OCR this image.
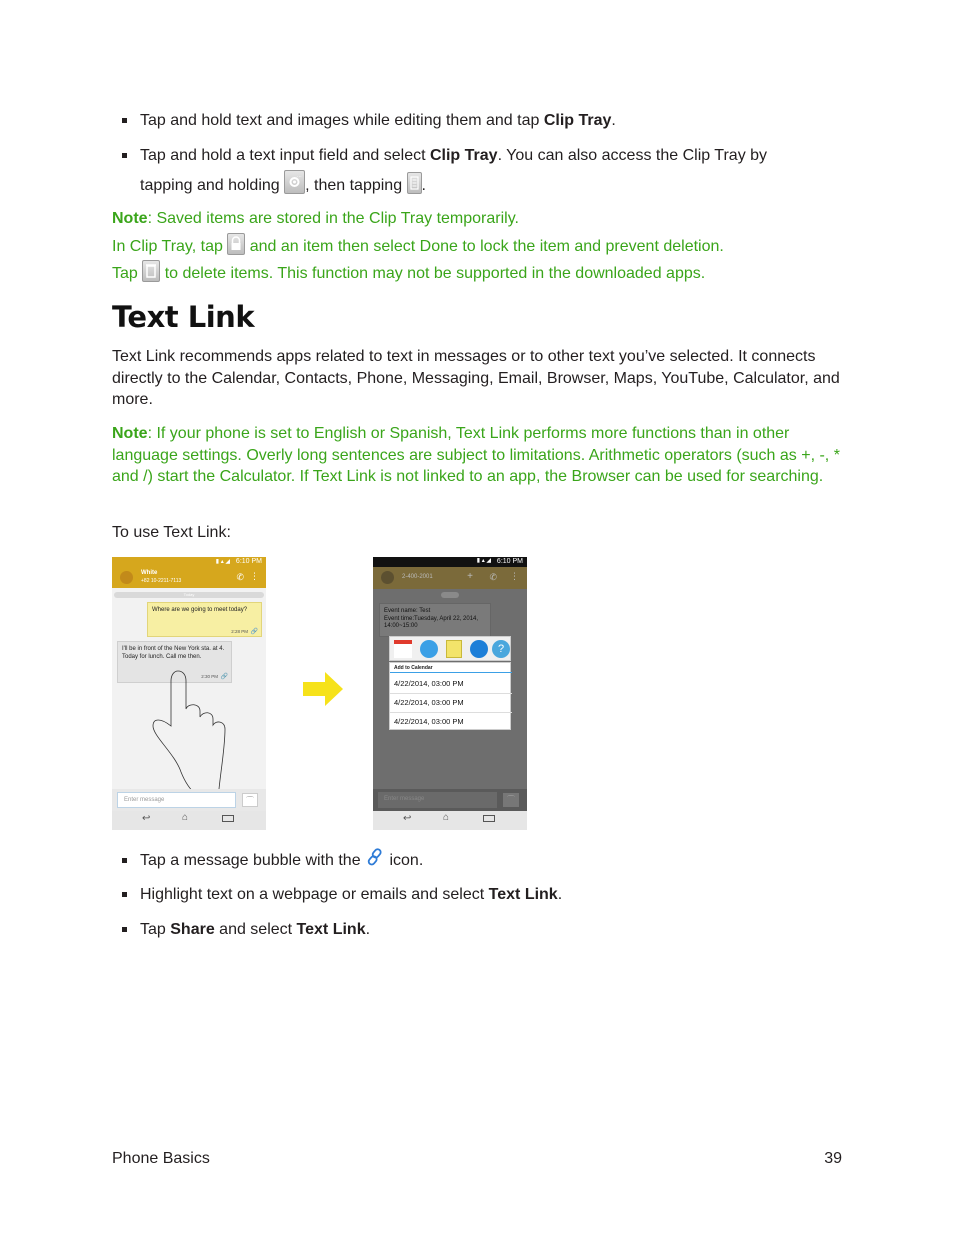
Tap and hold text and images while editing them and tap Clip Tray.
Tap and hold a text input field and select Clip Tray. You can also access the Clip Tray by
tapping and holding
...
, then tapping .
Note: Saved items are stored in the Clip Tray temporarily.
In Clip Tray, tap  and an item then select Done to lock the item and prevent deletion.
Tap  to delete items. This function may not be supported in the downloaded apps.
Text Link
Text Link recommends apps related to text in messages or to other text you’ve selected. It connects directly to the Calendar, Contacts, Phone, Messaging, Email, Browser, Maps, YouTube, Calculator, and more.
Note: If your phone is set to English or Spanish, Text Link performs more functions than in other language settings. Overly long sentences are subject to limitations. Arithmetic operators (such as +, -, * and /) start the Calculator. If Text Link is not linked to an app, the Browser can be used for searching.
To use Text Link:
6:10 PM
▮ ▴ ◢
White
+82 10-2211-7113	✆ ⋮
Today
Where are we going to meet today?
2:28 PM 🔗
I'll be in front of the New York sta. at 4. Today for lunch. Call me then.
2:30 PM 🔗
Enter message	⌒
↩	⌂
6:10 PM
▮ ▴ ◢
2-400-2001	+ ✆ ⋮
Event name: Test
Event time:Tuesday, April 22, 2014, 14:00~15:00
?
Add to Calendar
4/22/2014, 03:00 PM
4/22/2014, 03:00 PM
4/22/2014, 03:00 PM
Enter message	⌒
↩	⌂
Tap a message bubble with the  icon.
Highlight text on a webpage or emails and select Text Link.
Tap Share and select Text Link.
Phone Basics	39
